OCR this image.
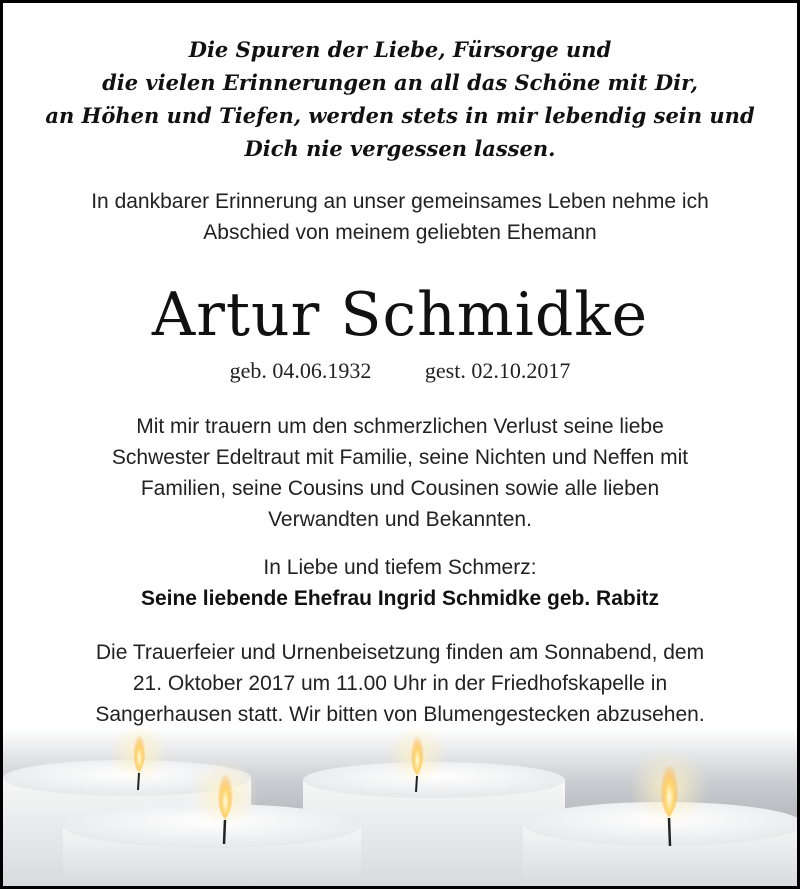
Die Spuren der Liebe, Fürsorge und
die vielen Erinnerungen an all das Schöne mit Dir,
an Höhen und Tiefen, werden stets in mir lebendig sein und
Dich nie vergessen lassen.
In dankbarer Erinnerung an unser gemeinsames Leben nehme ich
Abschied von meinem geliebten Ehemann
Artur Schmidke
geb. 04.06.1932 gest. 02.10.2017
Mit mir trauern um den schmerzlichen Verlust seine liebe
Schwester Edeltraut mit Familie, seine Nichten und Neffen mit
Familien, seine Cousins und Cousinen sowie alle lieben
Verwandten und Bekannten.
In Liebe und tiefem Schmerz:
Seine liebende Ehefrau Ingrid Schmidke geb. Rabitz
Die Trauerfeier und Urnenbeisetzung finden am Sonnabend, dem
21. Oktober 2017 um 11.00 Uhr in der Friedhofskapelle in
Sangerhausen statt. Wir bitten von Blumengestecken abzusehen.
